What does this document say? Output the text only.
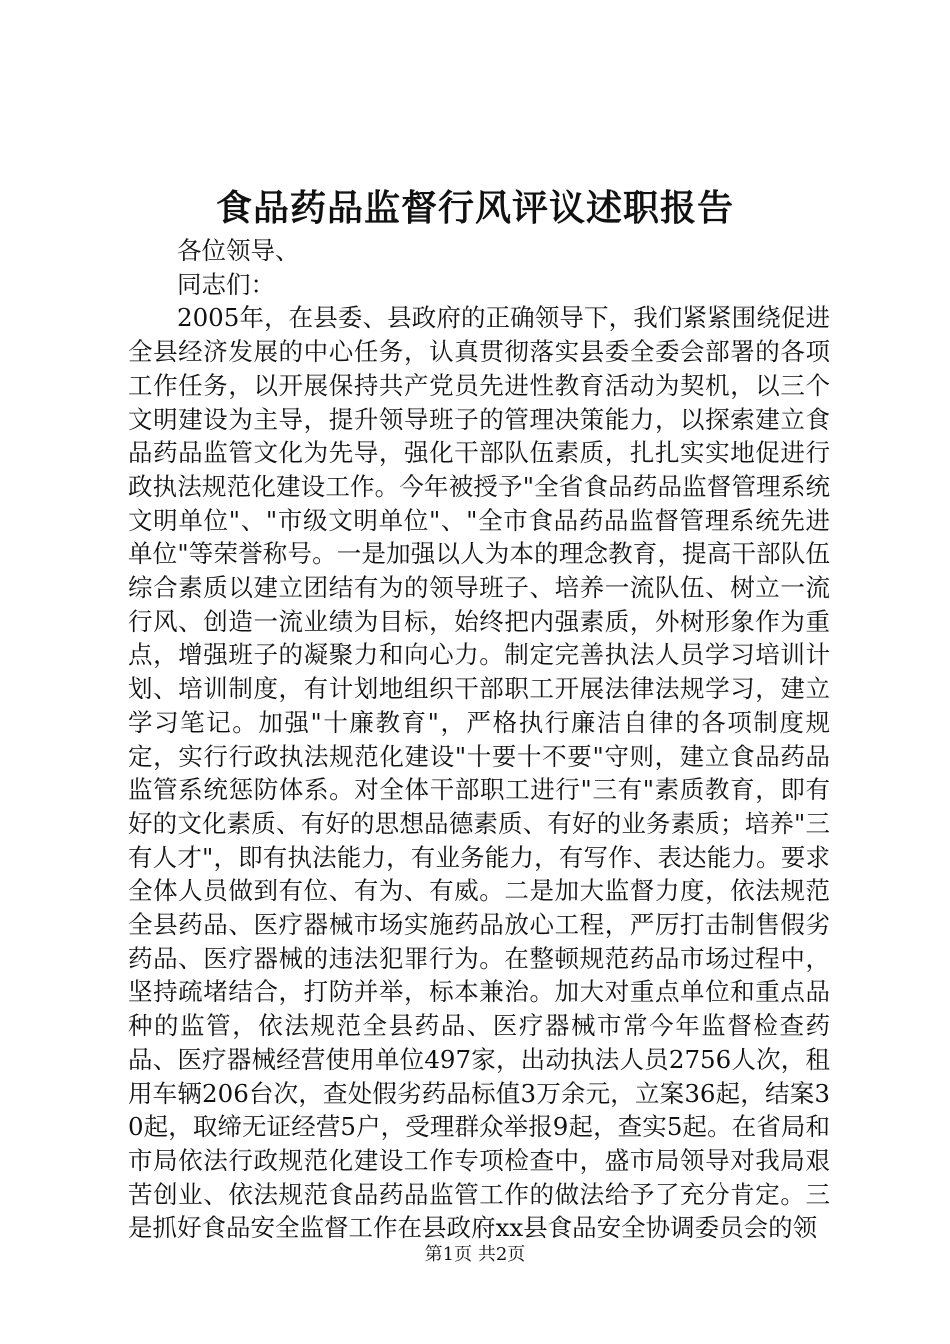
食品药品监督行风评议述职报告

各位领导、

同志们：

2005年，在县委、县政府的正确领导下，我们紧紧围绕促进全县经济发展的中心任务，认真贯彻落实县委全委会部署的各项工作任务，以开展保持共产党员先进性教育活动为契机，以三个文明建设为主导，提升领导班子的管理决策能力，以探索建立食品药品监管文化为先导，强化干部队伍素质，扎扎实实地促进行政执法规范化建设工作。今年被授予"全省食品药品监督管理系统文明单位"、"市级文明单位"、"全市食品药品监督管理系统先进单位"等荣誉称号。一是加强以人为本的理念教育，提高干部队伍综合素质以建立团结有为的领导班子、培养一流队伍、树立一流行风、创造一流业绩为目标，始终把内强素质，外树形象作为重点，增强班子的凝聚力和向心力。制定完善执法人员学习培训计划、培训制度，有计划地组织干部职工开展法律法规学习，建立学习笔记。加强"十廉教育"，严格执行廉洁自律的各项制度规定，实行行政执法规范化建设"十要十不要"守则，建立食品药品监管系统惩防体系。对全体干部职工进行"三有"素质教育，即有好的文化素质、有好的思想品德素质、有好的业务素质；培养"三有人才"，即有执法能力，有业务能力，有写作、表达能力。要求全体人员做到有位、有为、有威。二是加大监督力度，依法规范全县药品、医疗器械市场实施药品放心工程，严厉打击制售假劣药品、医疗器械的违法犯罪行为。在整顿规范药品市场过程中，坚持疏堵结合，打防并举，标本兼治。加大对重点单位和重点品种的监管，依法规范全县药品、医疗器械市常今年监督检查药品、医疗器械经营使用单位497家，出动执法人员2756人次，租用车辆206台次，查处假劣药品标值3万余元，立案36起，结案30起，取缔无证经营5户，受理群众举报9起，查实5起。在省局和市局依法行政规范化建设工作专项检查中，盛市局领导对我局艰苦创业、依法规范食品药品监管工作的做法给予了充分肯定。三是抓好食品安全监督工作在县政府xx县食品安全协调委员会的领

第1页 共2页
